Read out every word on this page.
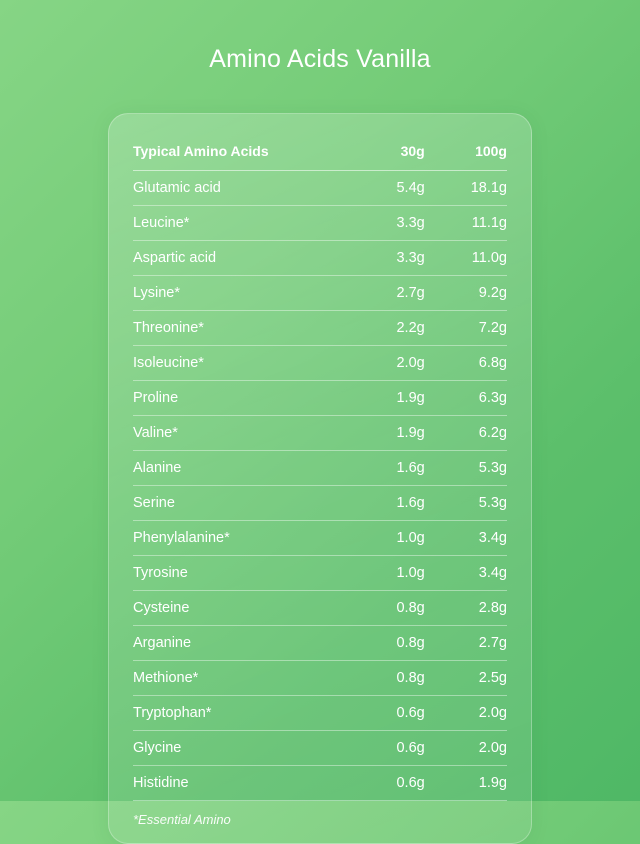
Amino Acids Vanilla
Typical Amino Acids	30g	100g
Glutamic acid	5.4g	18.1g
Leucine*	3.3g	11.1g
Aspartic acid	3.3g	11.0g
Lysine*	2.7g	9.2g
Threonine*	2.2g	7.2g
Isoleucine*	2.0g	6.8g
Proline	1.9g	6.3g
Valine*	1.9g	6.2g
Alanine	1.6g	5.3g
Serine	1.6g	5.3g
Phenylalanine*	1.0g	3.4g
Tyrosine	1.0g	3.4g
Cysteine	0.8g	2.8g
Arganine	0.8g	2.7g
Methione*	0.8g	2.5g
Tryptophan*	0.6g	2.0g
Glycine	0.6g	2.0g
Histidine	0.6g	1.9g
*Essential Amino
